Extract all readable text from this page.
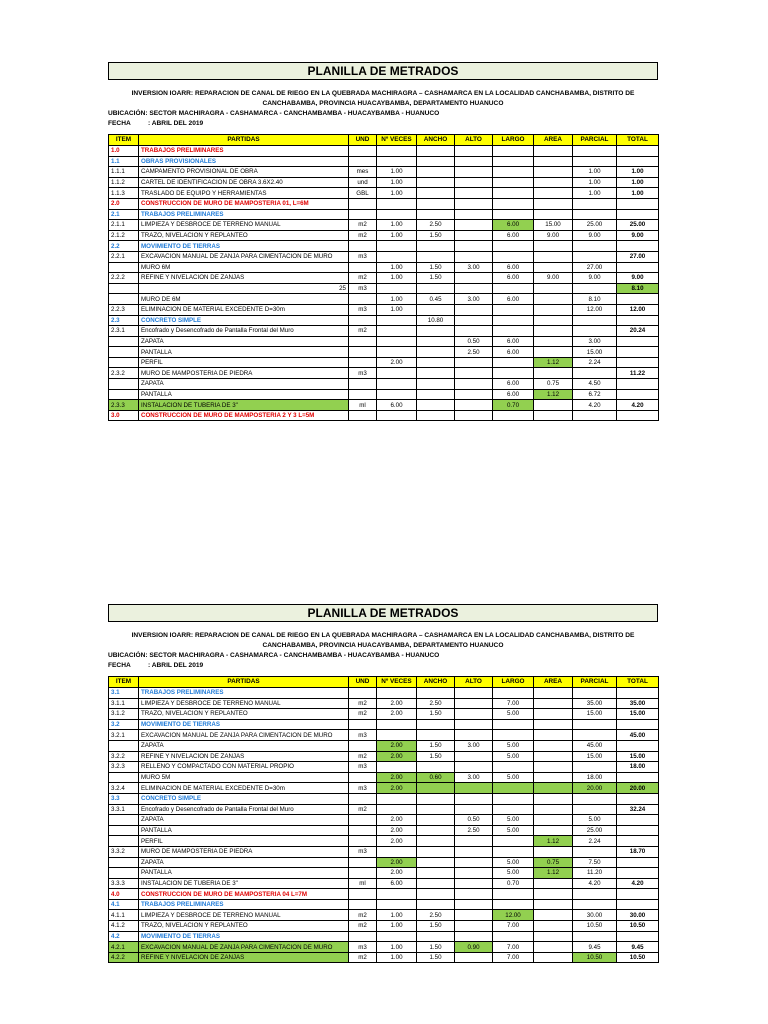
PLANILLA DE METRADOS
INVERSION IOARR: REPARACION DE CANAL DE RIEGO EN LA QUEBRADA MACHIRAGRA – CASHAMARCA EN LA LOCALIDAD CANCHABAMBA, DISTRITO DE
CANCHABAMBA, PROVINCIA HUACAYBAMBA, DEPARTAMENTO HUANUCO
UBICACIÓN: SECTOR MACHIRAGRA - CASHAMARCA - CANCHAMBAMBA - HUACAYBAMBA - HUANUCO
FECHA	: ABRIL DEL 2019
ITEM	PARTIDAS	UND	Nº VECES	ANCHO	ALTO	LARGO	AREA	PARCIAL	TOTAL
1.0	TRABAJOS PRELIMINARES								
1.1	OBRAS PROVISIONALES								
1.1.1	CAMPAMENTO PROVISIONAL DE OBRA	mes	1.00					1.00	1.00
1.1.2	CARTEL DE IDENTIFICACION DE OBRA 3.6X2.40	und	1.00					1.00	1.00
1.1.3	TRASLADO DE EQUIPO Y HERRAMIENTAS	GBL	1.00					1.00	1.00
2.0	CONSTRUCCION DE MURO DE MAMPOSTERIA 01, L=6M								
2.1	TRABAJOS PRELIMINARES								
2.1.1	LIMPIEZA Y DESBROCE DE TERRENO MANUAL	m2	1.00	2.50		6.00	15.00	25.00	25.00
2.1.2	TRAZO, NIVELACION Y REPLANTEO	m2	1.00	1.50		6.00	9.00	9.00	9.00
2.2	MOVIMIENTO DE TIERRAS								
2.2.1	EXCAVACION MANUAL DE ZANJA PARA CIMENTACION DE MURO	m3							27.00
	MURO 6M		1.00	1.50	3.00	6.00		27.00	
2.2.2	REFINE Y NIVELACION DE ZANJAS	m2	1.00	1.50		6.00	9.00	9.00	9.00
	25	m3							8.10
	MURO DE 6M		1.00	0.45	3.00	6.00		8.10	
2.2.3	ELIMINACION DE MATERIAL EXCEDENTE D=30m	m3	1.00					12.00	12.00
2.3	CONCRETO SIMPLE			10.80					
2.3.1	Encofrado y Desencofrado de Pantalla Frontal del Muro	m2							20.24
	ZAPATA				0.50	6.00		3.00	
	PANTALLA				2.50	6.00		15.00	
	PERFIL		2.00				1.12	2.24	
2.3.2	MURO DE MAMPOSTERIA DE PIEDRA	m3							11.22
	ZAPATA					6.00	0.75	4.50	
	PANTALLA					6.00	1.12	6.72	
2.3.3	INSTALACION DE TUBERIA DE 3"	ml	6.00			0.70		4.20	4.20
3.0	CONSTRUCCION DE MURO DE MAMPOSTERIA 2 Y 3 L=5M								
PLANILLA DE METRADOS
INVERSION IOARR: REPARACION DE CANAL DE RIEGO EN LA QUEBRADA MACHIRAGRA – CASHAMARCA EN LA LOCALIDAD CANCHABAMBA, DISTRITO DE
CANCHABAMBA, PROVINCIA HUACAYBAMBA, DEPARTAMENTO HUANUCO
UBICACIÓN: SECTOR MACHIRAGRA - CASHAMARCA - CANCHAMBAMBA - HUACAYBAMBA - HUANUCO
FECHA	: ABRIL DEL 2019
ITEM	PARTIDAS	UND	Nº VECES	ANCHO	ALTO	LARGO	AREA	PARCIAL	TOTAL
3.1	TRABAJOS PRELIMINARES								
3.1.1	LIMPIEZA Y DESBROCE DE TERRENO MANUAL	m2	2.00	2.50		7.00		35.00	35.00
3.1.2	TRAZO, NIVELACION Y REPLANTEO	m2	2.00	1.50		5.00		15.00	15.00
3.2	MOVIMIENTO DE TIERRAS								
3.2.1	EXCAVACION MANUAL DE ZANJA PARA CIMENTACION DE MURO	m3							45.00
	ZAPATA		2.00	1.50	3.00	5.00		45.00	
3.2.2	REFINE Y NIVELACION DE ZANJAS	m2	2.00	1.50		5.00		15.00	15.00
3.2.3	RELLENO Y COMPACTADO CON MATERIAL PROPIO	m3							18.00
	MURO 5M		2.00	0.60	3.00	5.00		18.00	
3.2.4	ELIMINACION DE MATERIAL EXCEDENTE D=30m	m3	2.00					20.00	20.00
3.3	CONCRETO SIMPLE								
3.3.1	Encofrado y Desencofrado de Pantalla Frontal del Muro	m2							32.24
	ZAPATA		2.00		0.50	5.00		5.00	
	PANTALLA		2.00		2.50	5.00		25.00	
	PERFIL		2.00				1.12	2.24	
3.3.2	MURO DE MAMPOSTERIA DE PIEDRA	m3							18.70
	ZAPATA		2.00			5.00	0.75	7.50	
	PANTALLA		2.00			5.00	1.12	11.20	
3.3.3	INSTALACION DE TUBERIA DE 3"	ml	6.00			0.70		4.20	4.20
4.0	CONSTRUCCION DE MURO DE MAMPOSTERIA 04 L=7M								
4.1	TRABAJOS PRELIMINARES								
4.1.1	LIMPIEZA Y DESBROCE DE TERRENO MANUAL	m2	1.00	2.50		12.00		30.00	30.00
4.1.2	TRAZO, NIVELACION Y REPLANTEO	m2	1.00	1.50		7.00		10.50	10.50
4.2	MOVIMIENTO DE TIERRAS								
4.2.1	EXCAVACION MANUAL DE ZANJA PARA CIMENTACION DE MURO	m3	1.00	1.50	0.90	7.00		9.45	9.45
4.2.2	REFINE Y NIVELACION DE ZANJAS	m2	1.00	1.50		7.00		10.50	10.50
